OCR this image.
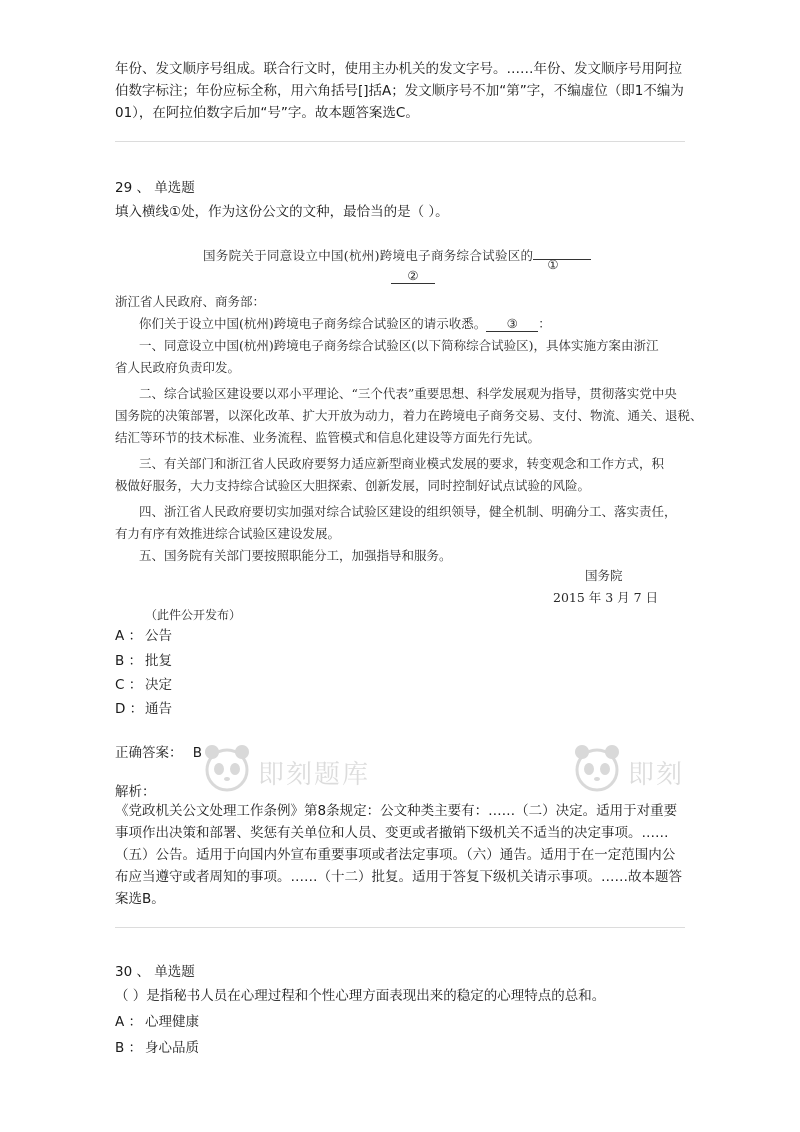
年份、发文顺序号组成。联合行文时，使用主办机关的发文字号。……年份、发文顺序号用阿拉伯数字标注；年份应标全称，用六角括号[]括A；发文顺序号不加“第”字，不编虚位（即1不编为01），在阿拉伯数字后加“号”字。故本题答案选C。

29 、 单选题
填入横线①处，作为这份公文的文种，最恰当的是（ ）。
国务院关于同意设立中国(杭州)跨境电子商务综合试验区的
①
②
浙江省人民政府、商务部：
你们关于设立中国(杭州)跨境电子商务综合试验区的请示收悉。 ③ ：
一、同意设立中国(杭州)跨境电子商务综合试验区(以下简称综合试验区)，具体实施方案由浙江
省人民政府负责印发。
二、综合试验区建设要以邓小平理论、“三个代表”重要思想、科学发展观为指导，贯彻落实党中央
国务院的决策部署，以深化改革、扩大开放为动力，着力在跨境电子商务交易、支付、物流、通关、退税、
结汇等环节的技术标准、业务流程、监管模式和信息化建设等方面先行先试。
三、有关部门和浙江省人民政府要努力适应新型商业模式发展的要求，转变观念和工作方式，积
极做好服务，大力支持综合试验区大胆探索、创新发展，同时控制好试点试验的风险。
四、浙江省人民政府要切实加强对综合试验区建设的组织领导，健全机制、明确分工、落实责任，
有力有序有效推进综合试验区建设发展。
五、国务院有关部门要按照职能分工，加强指导和服务。
国务院
2015 年 3 月 7 日
（此件公开发布）
A ： 公告
B ： 批复
C ： 决定
D ： 通告
正确答案： B
解析：

《党政机关公文处理工作条例》第8条规定：公文种类主要有：……（二）决定。适用于对重要事项作出决策和部署、奖惩有关单位和人员、变更或者撤销下级机关不适当的决定事项。……（五）公告。适用于向国内外宣布重要事项或者法定事项。（六）通告。适用于在一定范围内公布应当遵守或者周知的事项。……（十二）批复。适用于答复下级机关请示事项。……故本题答案选B。

30 、 单选题
（ ）是指秘书人员在心理过程和个性心理方面表现出来的稳定的心理特点的总和。
A ： 心理健康
B ： 身心品质
即刻题库	即刻
